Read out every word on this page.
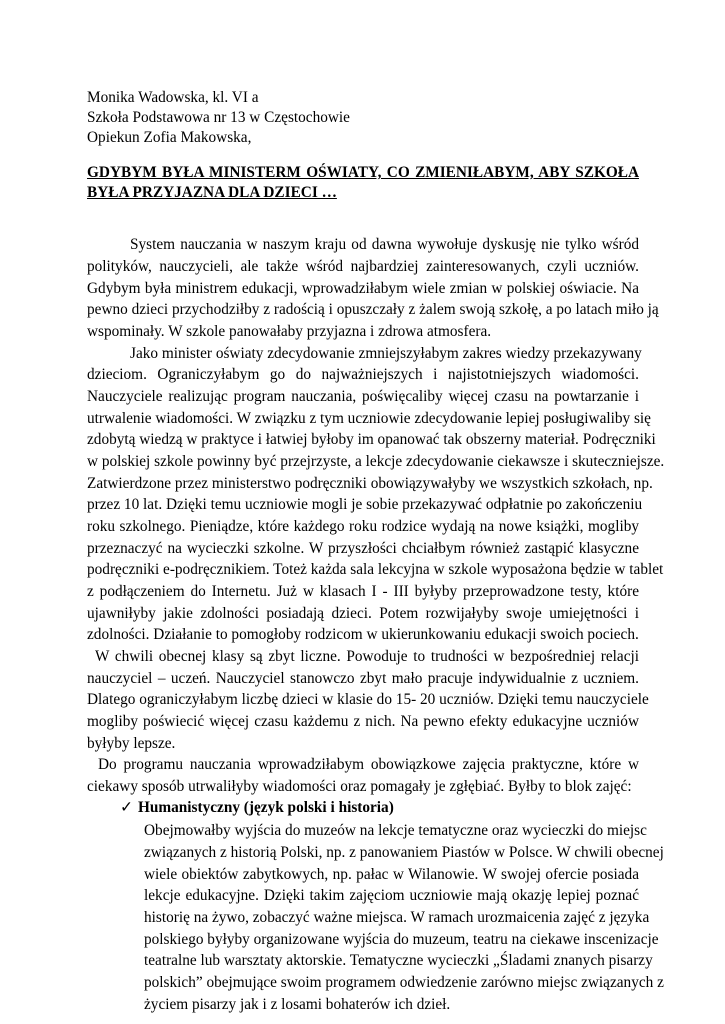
Monika Wadowska, kl. VI a
Szkoła Podstawowa nr 13 w Częstochowie
Opiekun Zofia Makowska,
GDYBYM BYŁA MINISTERM OŚWIATY, CO ZMIENIŁABYM, ABY SZKOŁA
BYŁA PRZYJAZNA DLA DZIECI …
System nauczania w naszym kraju od dawna wywołuje dyskusję nie tylko wśród
polityków, nauczycieli, ale także wśród najbardziej zainteresowanych, czyli uczniów.
Gdybym była ministrem edukacji, wprowadziłabym wiele zmian w polskiej oświacie. Na
pewno dzieci przychodziłby z radością i opuszczały z żalem swoją szkołę, a po latach miło ją
wspominały. W szkole panowałaby przyjazna i zdrowa atmosfera.
Jako minister oświaty zdecydowanie zmniejszyłabym zakres wiedzy przekazywany
dzieciom. Ograniczyłabym go do najważniejszych i najistotniejszych wiadomości.
Nauczyciele realizując program nauczania, poświęcaliby więcej czasu na powtarzanie i
utrwalenie wiadomości. W związku z tym uczniowie zdecydowanie lepiej posługiwaliby się
zdobytą wiedzą w praktyce i łatwiej byłoby im opanować tak obszerny materiał. Podręczniki
w polskiej szkole powinny być przejrzyste, a lekcje zdecydowanie ciekawsze i skuteczniejsze.
Zatwierdzone przez ministerstwo podręczniki obowiązywałyby we wszystkich szkołach, np.
przez 10 lat. Dzięki temu uczniowie mogli je sobie przekazywać odpłatnie po zakończeniu
roku szkolnego. Pieniądze, które każdego roku rodzice wydają na nowe książki, mogliby
przeznaczyć na wycieczki szkolne. W przyszłości chciałbym również zastąpić klasyczne
podręczniki e-podręcznikiem. Toteż każda sala lekcyjna w szkole wyposażona będzie w tablet
z podłączeniem do Internetu. Już w klasach I - III byłyby przeprowadzone testy, które
ujawniłyby jakie zdolności posiadają dzieci. Potem rozwijałyby swoje umiejętności i
zdolności. Działanie to pomogłoby rodzicom w ukierunkowaniu edukacji swoich pociech.
W chwili obecnej klasy są zbyt liczne. Powoduje to trudności w bezpośredniej relacji
nauczyciel – uczeń. Nauczyciel stanowczo zbyt mało pracuje indywidualnie z uczniem.
Dlatego ograniczyłabym liczbę dzieci w klasie do 15- 20 uczniów. Dzięki temu nauczyciele
mogliby poświecić więcej czasu każdemu z nich. Na pewno efekty edukacyjne uczniów
byłyby lepsze.
Do programu nauczania wprowadziłabym obowiązkowe zajęcia praktyczne, które w
ciekawy sposób utrwaliłyby wiadomości oraz pomagały je zgłębiać. Byłby to blok zajęć:
✓ Humanistyczny (język polski i historia)
Obejmowałby wyjścia do muzeów na lekcje tematyczne oraz wycieczki do miejsc
związanych z historią Polski, np. z panowaniem Piastów w Polsce. W chwili obecnej
wiele obiektów zabytkowych, np. pałac w Wilanowie. W swojej ofercie posiada
lekcje edukacyjne. Dzięki takim zajęciom uczniowie mają okazję lepiej poznać
historię na żywo, zobaczyć ważne miejsca. W ramach urozmaicenia zajęć z języka
polskiego byłyby organizowane wyjścia do muzeum, teatru na ciekawe inscenizacje
teatralne lub warsztaty aktorskie. Tematyczne wycieczki „Śladami znanych pisarzy
polskich” obejmujące swoim programem odwiedzenie zarówno miejsc związanych z
życiem pisarzy jak i z losami bohaterów ich dzieł.
